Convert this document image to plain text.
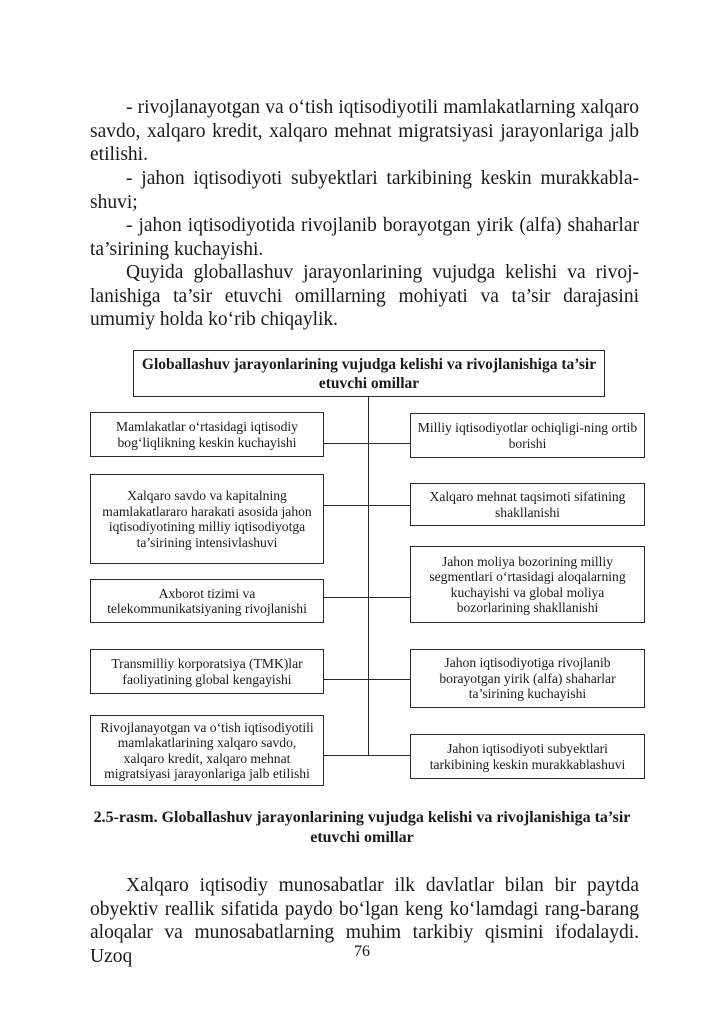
- rivojlanayotgan va o‘tish iqtisodiyotili mamlakatlarning xalqaro savdo, xalqaro kredit, xalqaro mehnat migratsiyasi jarayonlariga jalb etilishi.

- jahon iqtisodiyoti subyektlari tarkibining keskin murakkabla-shuvi;

- jahon iqtisodiyotida rivojlanib borayotgan yirik (alfa) shaharlar ta’sirining kuchayishi.

Quyida globallashuv jarayonlarining vujudga kelishi va rivoj-lanishiga ta’sir etuvchi omillarning mohiyati va ta’sir darajasini umumiy holda ko‘rib chiqaylik.

Globallashuv jarayonlarining vujudga kelishi va rivojlanishiga ta’sir etuvchi omillar
Mamlakatlar o‘rtasidagi iqtisodiy bog‘liqlikning keskin kuchayishi
Xalqaro savdo va kapitalning mamlakatlararo harakati asosida jahon iqtisodiyotining milliy iqtisodiyotga ta’sirining intensivlashuvi
Axborot tizimi va telekommunikatsiyaning rivojlanishi
Transmilliy korporatsiya (TMK)lar faoliyatining global kengayishi
Rivojlanayotgan va o‘tish iqtisodiyotili mamlakatlarining xalqaro savdo, xalqaro kredit, xalqaro mehnat migratsiyasi jarayonlariga jalb etilishi
Milliy iqtisodiyotlar ochiqligi-ning ortib borishi
Xalqaro mehnat taqsimoti sifatining shakllanishi
Jahon moliya bozorining milliy segmentlari o‘rtasidagi aloqalarning kuchayishi va global moliya bozorlarining shakllanishi
Jahon iqtisodiyotiga rivojlanib borayotgan yirik (alfa) shaharlar ta’sirining kuchayishi
Jahon iqtisodiyoti subyektlari tarkibining keskin murakkablashuvi
2.5-rasm. Globallashuv jarayonlarining vujudga kelishi va rivojlanishiga ta’sir etuvchi omillar

Xalqaro iqtisodiy munosabatlar ilk davlatlar bilan bir paytda obyektiv reallik sifatida paydo bo‘lgan keng ko‘lamdagi rang-barang aloqalar va munosabatlarning muhim tarkibiy qismini ifodalaydi. Uzoq	76
